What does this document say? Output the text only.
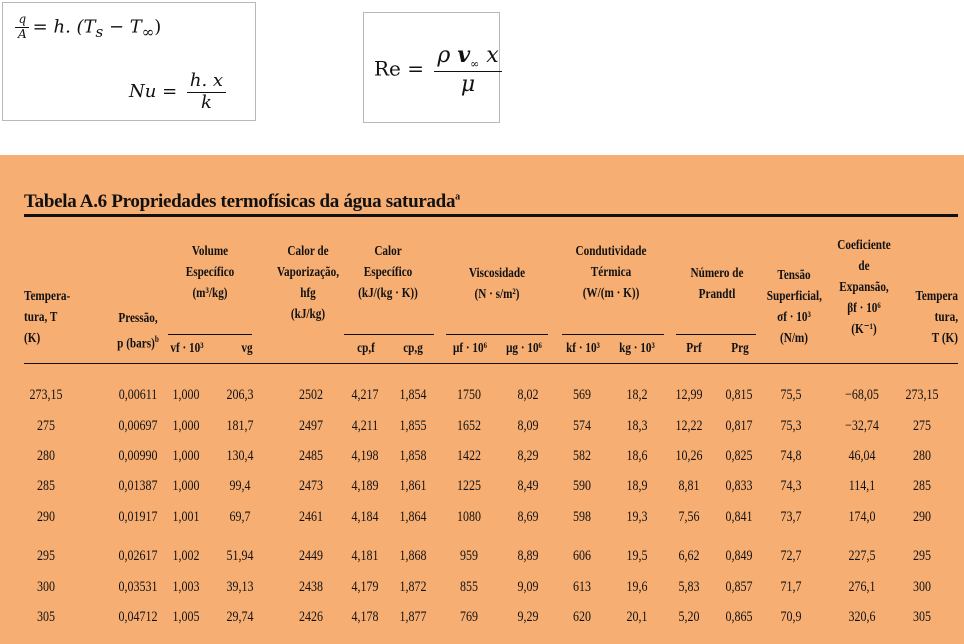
$\frac{q}{A} = h$. $(T_s - T_\infty)$
$Nu = \frac{h. x}{k}$
$Re = \frac{\rho v_\infty x}{\mu}$
Tabela A.6 Propriedades termofísicas da água saturada$^a$
Tempera-
tura, T
(K)
Pressão,
p (bars)$^b$
Volume
Específico
(m³/kg)
vf · 10³	vg
Calor de
Vaporização,
hfg
(kJ/kg)
Calor
Específico
(kJ/(kg · K))
cp,f	cp,g
Viscosidade
(N · s/m²)
μf · 10⁶ μg · 10⁶
Condutividade
Térmica
(W/(m · K))
kf · 10³ kg · 10³
Número de
Prandtl
Prf	Prg
Tensão
Superficial,
σf · 10³
(N/m)
Coeficiente
de
Expansão,
βf · 10⁶
(K⁻¹)
Tempera
tura,
T (K)
273,15	0,00611	1,000	206,3	2502	4,217	1,854	1750	8,02	569	18,2	12,99	0,815	75,5	−68,05	273,15
275	0,00697	1,000	181,7	2497	4,211	1,855	1652	8,09	574	18,3	12,22	0,817	75,3	−32,74	275
280	0,00990	1,000	130,4	2485	4,198	1,858	1422	8,29	582	18,6	10,26	0,825	74,8	46,04	280
285	0,01387	1,000	99,4	2473	4,189	1,861	1225	8,49	590	18,9	8,81	0,833	74,3	114,1	285
290	0,01917	1,001	69,7	2461	4,184	1,864	1080	8,69	598	19,3	7,56	0,841	73,7	174,0	290
295	0,02617	1,002	51,94	2449	4,181	1,868	959	8,89	606	19,5	6,62	0,849	72,7	227,5	295
300	0,03531	1,003	39,13	2438	4,179	1,872	855	9,09	613	19,6	5,83	0,857	71,7	276,1	300
305	0,04712	1,005	29,74	2426	4,178	1,877	769	9,29	620	20,1	5,20	0,865	70,9	320,6	305
